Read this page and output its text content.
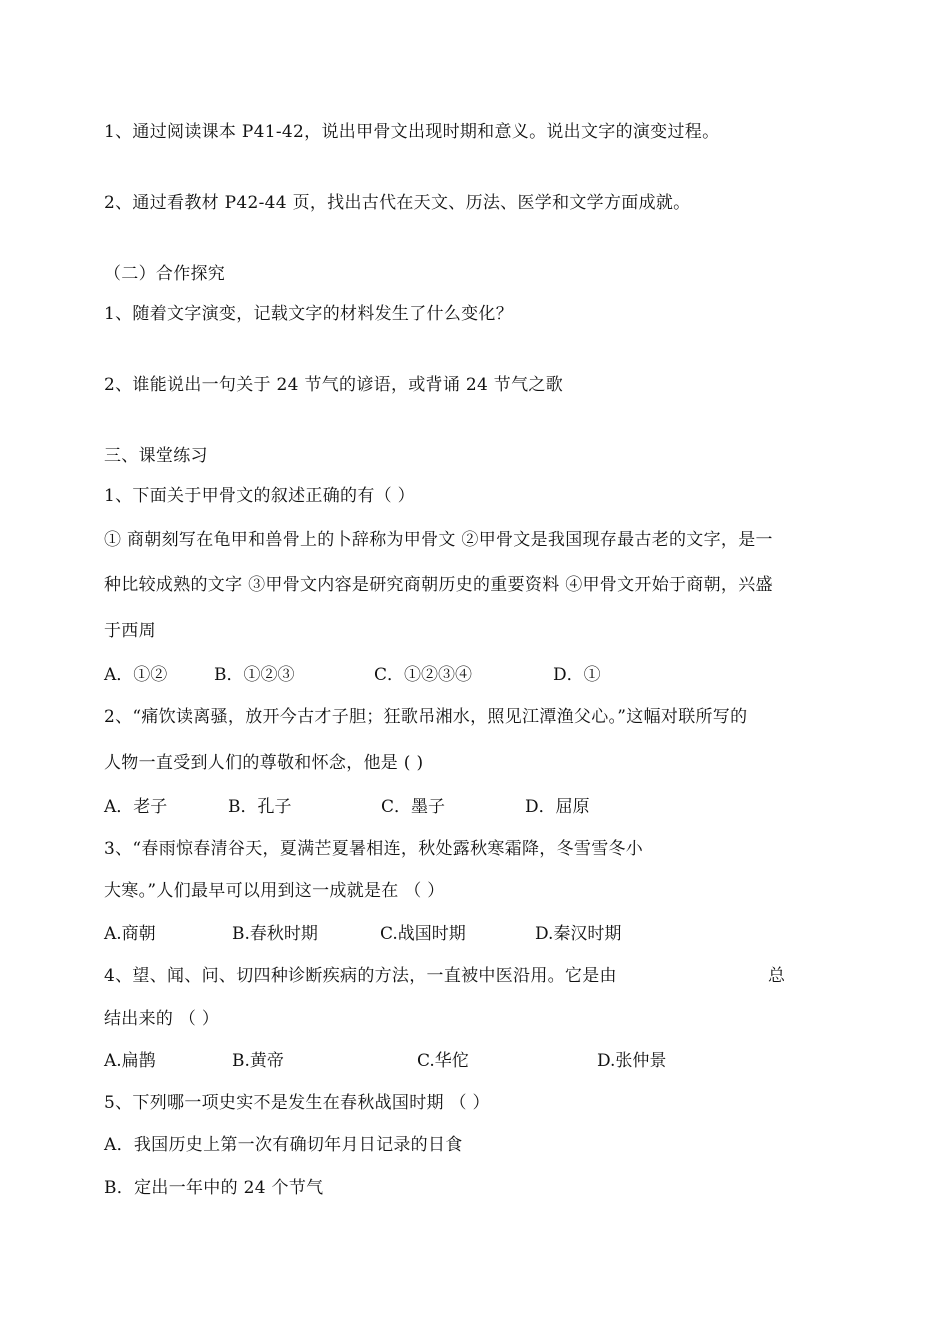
1、通过阅读课本 P41-42，说出甲骨文出现时期和意义。说出文字的演变过程。
2、通过看教材 P42-44 页，找出古代在天文、历法、医学和文学方面成就。
（二）合作探究
1、随着文字演变，记载文字的材料发生了什么变化？
2、谁能说出一句关于 24 节气的谚语，或背诵 24 节气之歌
三、课堂练习
1、下面关于甲骨文的叙述正确的有（ ）
① 商朝刻写在龟甲和兽骨上的卜辞称为甲骨文 ②甲骨文是我国现存最古老的文字，是一
种比较成熟的文字 ③甲骨文内容是研究商朝历史的重要资料 ④甲骨文开始于商朝，兴盛
于西周
A．①②	B．①②③	C．①②③④	D．①
2、“痛饮读离骚，放开今古才子胆；狂歌吊湘水，照见江潭渔父心。”这幅对联所写的
人物一直受到人们的尊敬和怀念，他是 ( )
A．老子	B．孔子	C．墨子	D．屈原
3、“春雨惊春清谷天，夏满芒夏暑相连，秋处露秋寒霜降，冬雪雪冬小
大寒。”人们最早可以用到这一成就是在 （ ）
A.商朝	B.春秋时期	C.战国时期	D.秦汉时期
4、望、闻、问、切四种诊断疾病的方法，一直被中医沿用。它是由	总
结出来的 （ ）
A.扁鹊	B.黄帝	C.华佗	D.张仲景
5、下列哪一项史实不是发生在春秋战国时期 （ ）
A．我国历史上第一次有确切年月日记录的日食
B．定出一年中的 24 个节气
